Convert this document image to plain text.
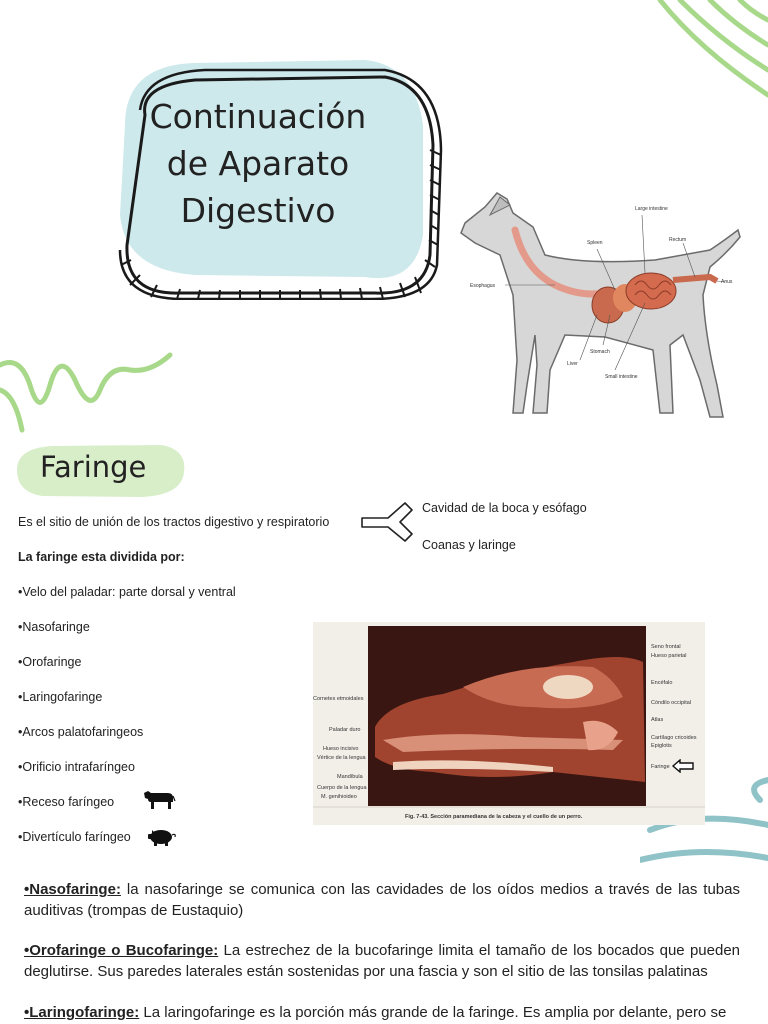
Continuación
de Aparato
Digestivo	Large intestine
Spleen	Rectum
Esophagus
Anus
Stomach
Liver
Small intestine
Faringe
Es el sitio de unión de los tractos digestivo y respiratorio
Cavidad de la boca y esófago
Coanas y laringe
La faringe esta dividida por:
•Velo del paladar: parte dorsal y ventral
•Nasofaringe
•Orofaringe
•Laringofaringe
•Arcos palatofaringeos
•Orificio intrafaríngeo
•Receso faríngeo
•Divertículo faríngeo
Cornetes etmoidales
Paladar duro
Hueso incisivo
Vértice de la lengua
Mandíbula
Cuerpo de la lengua
M. genihioideo
Seno frontal
Hueso parietal
Encéfalo
Cóndilo occipital
Atlas
Cartílago cricoides
Epiglotis
Faringe
Fig. 7-43. Sección paramediana de la cabeza y el cuello de un perro.
•Nasofaringe: la nasofaringe se comunica con las cavidades de los oídos medios a través de las tubas auditivas (trompas de Eustaquio)
•Orofaringe o Bucofaringe: La estrechez de la bucofaringe limita el tamaño de los bocados que pueden deglutirse. Sus paredes laterales están sostenidas por una fascia y son el sitio de las tonsilas palatinas
•Laringofaringe: La laringofaringe es la porción más grande de la faringe. Es amplia por delante, pero se
